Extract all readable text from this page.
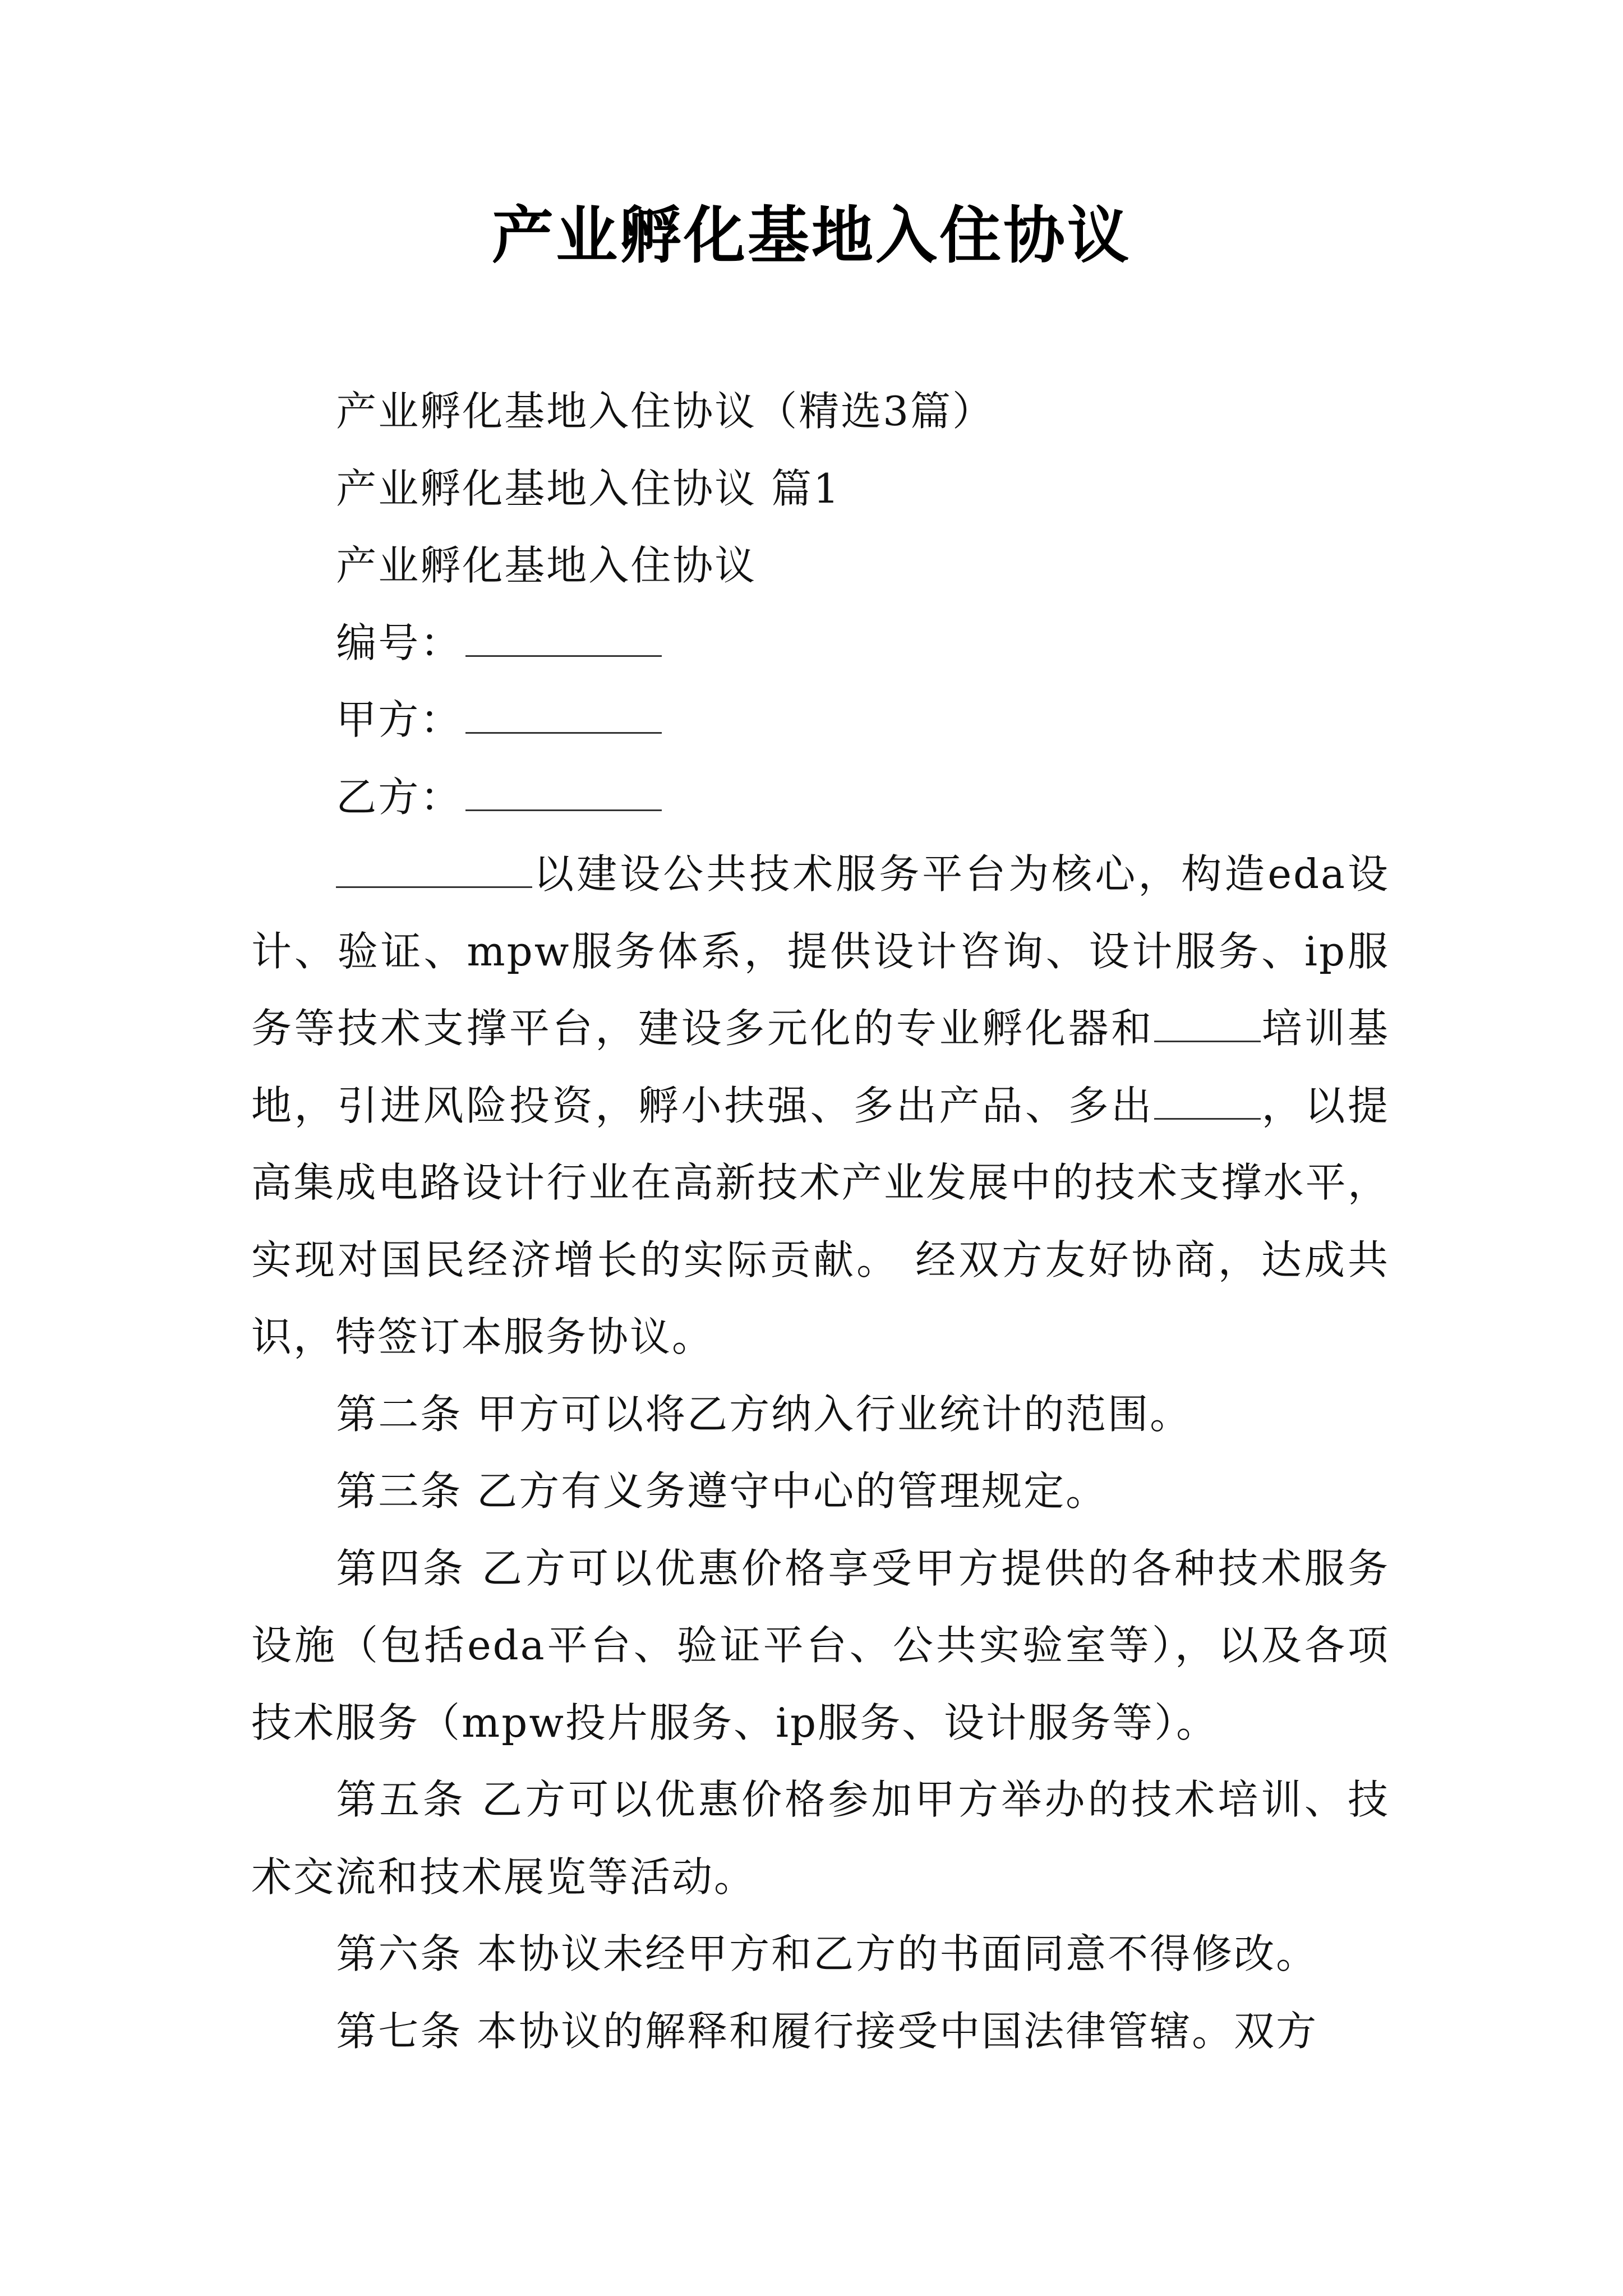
产业孵化基地入住协议

产业孵化基地入住协议（精选3篇）

产业孵化基地入住协议 篇1

产业孵化基地入住协议

编号：

甲方：

乙方：

以建设公共技术服务平台为核心，构造eda设计、验证、mpw服务体系，提供设计咨询、设计服务、ip服务等技术支撑平台，建设多元化的专业孵化器和	培训基地，引进风险投资，孵小扶强、多出产品、多出	，以提高集成电路设计行业在高新技术产业发展中的技术支撑水平，实现对国民经济增长的实际贡献。 经双方友好协商，达成共识，特签订本服务协议。

第二条 甲方可以将乙方纳入行业统计的范围。

第三条 乙方有义务遵守中心的管理规定。

第四条 乙方可以优惠价格享受甲方提供的各种技术服务设施（包括eda平台、验证平台、公共实验室等），以及各项技术服务（mpw投片服务、ip服务、设计服务等）。

第五条 乙方可以优惠价格参加甲方举办的技术培训、技术交流和技术展览等活动。

第六条 本协议未经甲方和乙方的书面同意不得修改。

第七条 本协议的解释和履行接受中国法律管辖。双方
